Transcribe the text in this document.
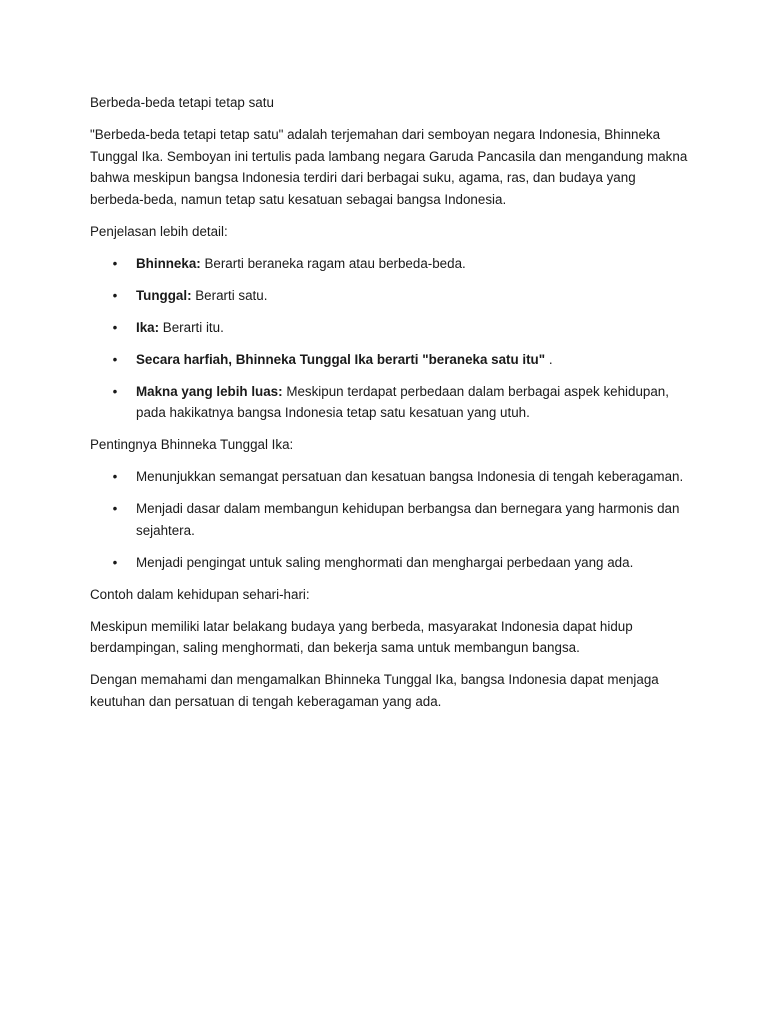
Berbeda-beda tetapi tetap satu

"Berbeda-beda tetapi tetap satu" adalah terjemahan dari semboyan negara Indonesia, Bhinneka Tunggal Ika. Semboyan ini tertulis pada lambang negara Garuda Pancasila dan mengandung makna bahwa meskipun bangsa Indonesia terdiri dari berbagai suku, agama, ras, dan budaya yang berbeda-beda, namun tetap satu kesatuan sebagai bangsa Indonesia.

Penjelasan lebih detail:

• Bhinneka: Berarti beraneka ragam atau berbeda-beda.
• Tunggal: Berarti satu.
• Ika: Berarti itu.
• Secara harfiah, Bhinneka Tunggal Ika berarti "beraneka satu itu" .
• Makna yang lebih luas: Meskipun terdapat perbedaan dalam berbagai aspek kehidupan, pada hakikatnya bangsa Indonesia tetap satu kesatuan yang utuh.

Pentingnya Bhinneka Tunggal Ika:

• Menunjukkan semangat persatuan dan kesatuan bangsa Indonesia di tengah keberagaman.
• Menjadi dasar dalam membangun kehidupan berbangsa dan bernegara yang harmonis dan sejahtera.
• Menjadi pengingat untuk saling menghormati dan menghargai perbedaan yang ada.

Contoh dalam kehidupan sehari-hari:

Meskipun memiliki latar belakang budaya yang berbeda, masyarakat Indonesia dapat hidup berdampingan, saling menghormati, dan bekerja sama untuk membangun bangsa.

Dengan memahami dan mengamalkan Bhinneka Tunggal Ika, bangsa Indonesia dapat menjaga keutuhan dan persatuan di tengah keberagaman yang ada.
